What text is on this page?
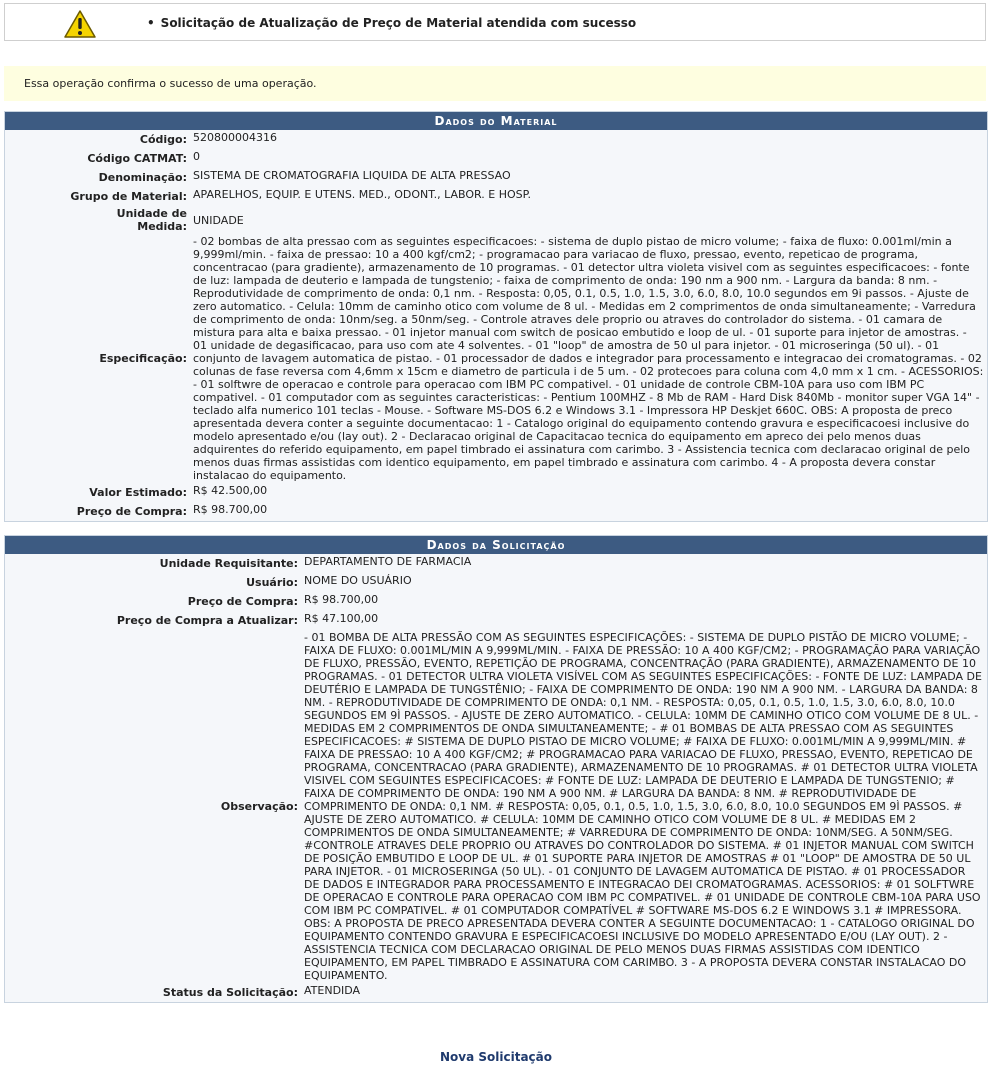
• Solicitação de Atualização de Preço de Material atendida com sucesso
Essa operação confirma o sucesso de uma operação.
Dados do Material
Código:	520800004316
Código CATMAT:	0
Denominação:	SISTEMA DE CROMATOGRAFIA LIQUIDA DE ALTA PRESSAO
Grupo de Material:	APARELHOS, EQUIP. E UTENS. MED., ODONT., LABOR. E HOSP.
Unidade de Medida:	UNIDADE
Especificação:	- 02 bombas de alta pressao com as seguintes especificacoes: - sistema de duplo pistao de micro volume; - faixa de fluxo: 0.001ml/min a 9,999ml/min. - faixa de pressao: 10 a 400 kgf/cm2; - programacao para variacao de fluxo, pressao, evento, repeticao de programa, concentracao (para gradiente), armazenamento de 10 programas. - 01 detector ultra violeta visivel com as seguintes especificacoes: - fonte de luz: lampada de deuterio e lampada de tungstenio; - faixa de comprimento de onda: 190 nm a 900 nm. - Largura da banda: 8 nm. - Reprodutividade de comprimento de onda: 0,1 nm. - Resposta: 0,05, 0.1, 0.5, 1.0, 1.5, 3.0, 6.0, 8.0, 10.0 segundos em 9i passos. - Ajuste de zero automatico. - Celula: 10mm de caminho otico com volume de 8 ul. - Medidas em 2 comprimentos de onda simultaneamente; - Varredura de comprimento de onda: 10nm/seg. a 50nm/seg. - Controle atraves dele proprio ou atraves do controlador do sistema. - 01 camara de mistura para alta e baixa pressao. - 01 injetor manual com switch de posicao embutido e loop de ul. - 01 suporte para injetor de amostras. - 01 unidade de degasificacao, para uso com ate 4 solventes. - 01 "loop" de amostra de 50 ul para injetor. - 01 microseringa (50 ul). - 01 conjunto de lavagem automatica de pistao. - 01 processador de dados e integrador para processamento e integracao dei cromatogramas. - 02 colunas de fase reversa com 4,6mm x 15cm e diametro de particula i de 5 um. - 02 protecoes para coluna com 4,0 mm x 1 cm. - ACESSORIOS: - 01 solftwre de operacao e controle para operacao com IBM PC compativel. - 01 unidade de controle CBM-10A para uso com IBM PC compativel. - 01 computador com as seguintes caracteristicas: - Pentium 100MHZ - 8 Mb de RAM - Hard Disk 840Mb - monitor super VGA 14" - teclado alfa numerico 101 teclas - Mouse. - Software MS-DOS 6.2 e Windows 3.1 - Impressora HP Deskjet 660C. OBS: A proposta de preco apresentada devera conter a seguinte documentacao: 1 - Catalogo original do equipamento contendo gravura e especificacoesi inclusive do modelo apresentado e/ou (lay out). 2 - Declaracao original de Capacitacao tecnica do equipamento em apreco dei pelo menos duas adquirentes do referido equipamento, em papel timbrado ei assinatura com carimbo. 3 - Assistencia tecnica com declaracao original de pelo menos duas firmas assistidas com identico equipamento, em papel timbrado e assinatura com carimbo. 4 - A proposta devera constar instalacao do equipamento.
Valor Estimado:	R$ 42.500,00
Preço de Compra:	R$ 98.700,00
Dados da Solicitação
Unidade Requisitante:	DEPARTAMENTO DE FARMACIA
Usuário:	NOME DO USUÁRIO
Preço de Compra:	R$ 98.700,00
Preço de Compra a Atualizar:	R$ 47.100,00
Observação:	- 01 BOMBA DE ALTA PRESSÃO COM AS SEGUINTES ESPECIFICAÇÕES: - SISTEMA DE DUPLO PISTÃO DE MICRO VOLUME; - FAIXA DE FLUXO: 0.001ML/MIN A 9,999ML/MIN. - FAIXA DE PRESSÃO: 10 A 400 KGF/CM2; - PROGRAMAÇÃO PARA VARIAÇÃO DE FLUXO, PRESSÃO, EVENTO, REPETIÇÃO DE PROGRAMA, CONCENTRAÇÃO (PARA GRADIENTE), ARMAZENAMENTO DE 10 PROGRAMAS. - 01 DETECTOR ULTRA VIOLETA VISÍVEL COM AS SEGUINTES ESPECIFICAÇÕES: - FONTE DE LUZ: LAMPADA DE DEUTÉRIO E LAMPADA DE TUNGSTÊNIO; - FAIXA DE COMPRIMENTO DE ONDA: 190 NM A 900 NM. - LARGURA DA BANDA: 8 NM. - REPRODUTIVIDADE DE COMPRIMENTO DE ONDA: 0,1 NM. - RESPOSTA: 0,05, 0.1, 0.5, 1.0, 1.5, 3.0, 6.0, 8.0, 10.0 SEGUNDOS EM 9Ì PASSOS. - AJUSTE DE ZERO AUTOMATICO. - CELULA: 10MM DE CAMINHO OTICO COM VOLUME DE 8 UL. - MEDIDAS EM 2 COMPRIMENTOS DE ONDA SIMULTANEAMENTE; - # 01 BOMBAS DE ALTA PRESSAO COM AS SEGUINTES ESPECIFICACOES: # SISTEMA DE DUPLO PISTAO DE MICRO VOLUME; # FAIXA DE FLUXO: 0.001ML/MIN A 9,999ML/MIN. # FAIXA DE PRESSAO: 10 A 400 KGF/CM2; # PROGRAMACAO PARA VARIACAO DE FLUXO, PRESSAO, EVENTO, REPETICAO DE PROGRAMA, CONCENTRACAO (PARA GRADIENTE), ARMAZENAMENTO DE 10 PROGRAMAS. # 01 DETECTOR ULTRA VIOLETA VISIVEL COM SEGUINTES ESPECIFICACOES: # FONTE DE LUZ: LAMPADA DE DEUTERIO E LAMPADA DE TUNGSTENIO; # FAIXA DE COMPRIMENTO DE ONDA: 190 NM A 900 NM. # LARGURA DA BANDA: 8 NM. # REPRODUTIVIDADE DE COMPRIMENTO DE ONDA: 0,1 NM. # RESPOSTA: 0,05, 0.1, 0.5, 1.0, 1.5, 3.0, 6.0, 8.0, 10.0 SEGUNDOS EM 9Ì PASSOS. # AJUSTE DE ZERO AUTOMATICO. # CELULA: 10MM DE CAMINHO OTICO COM VOLUME DE 8 UL. # MEDIDAS EM 2 COMPRIMENTOS DE ONDA SIMULTANEAMENTE; # VARREDURA DE COMPRIMENTO DE ONDA: 10NM/SEG. A 50NM/SEG. #CONTROLE ATRAVES DELE PROPRIO OU ATRAVES DO CONTROLADOR DO SISTEMA. # 01 INJETOR MANUAL COM SWITCH DE POSIÇÃO EMBUTIDO E LOOP DE UL. # 01 SUPORTE PARA INJETOR DE AMOSTRAS # 01 "LOOP" DE AMOSTRA DE 50 UL PARA INJETOR. - 01 MICROSERINGA (50 UL). - 01 CONJUNTO DE LAVAGEM AUTOMATICA DE PISTAO. # 01 PROCESSADOR DE DADOS E INTEGRADOR PARA PROCESSAMENTO E INTEGRACAO DEI CROMATOGRAMAS. ACESSORIOS: # 01 SOLFTWRE DE OPERACAO E CONTROLE PARA OPERACAO COM IBM PC COMPATIVEL. # 01 UNIDADE DE CONTROLE CBM-10A PARA USO COM IBM PC COMPATIVEL. # 01 COMPUTADOR COMPATÍVEL # SOFTWARE MS-DOS 6.2 E WINDOWS 3.1 # IMPRESSORA. OBS: A PROPOSTA DE PRECO APRESENTADA DEVERA CONTER A SEGUINTE DOCUMENTACAO: 1 - CATALOGO ORIGINAL DO EQUIPAMENTO CONTENDO GRAVURA E ESPECIFICACOESI INCLUSIVE DO MODELO APRESENTADO E/OU (LAY OUT). 2 - ASSISTENCIA TECNICA COM DECLARACAO ORIGINAL DE PELO MENOS DUAS FIRMAS ASSISTIDAS COM IDENTICO EQUIPAMENTO, EM PAPEL TIMBRADO E ASSINATURA COM CARIMBO. 3 - A PROPOSTA DEVERA CONSTAR INSTALACAO DO EQUIPAMENTO.
Status da Solicitação:	ATENDIDA
Nova Solicitação
